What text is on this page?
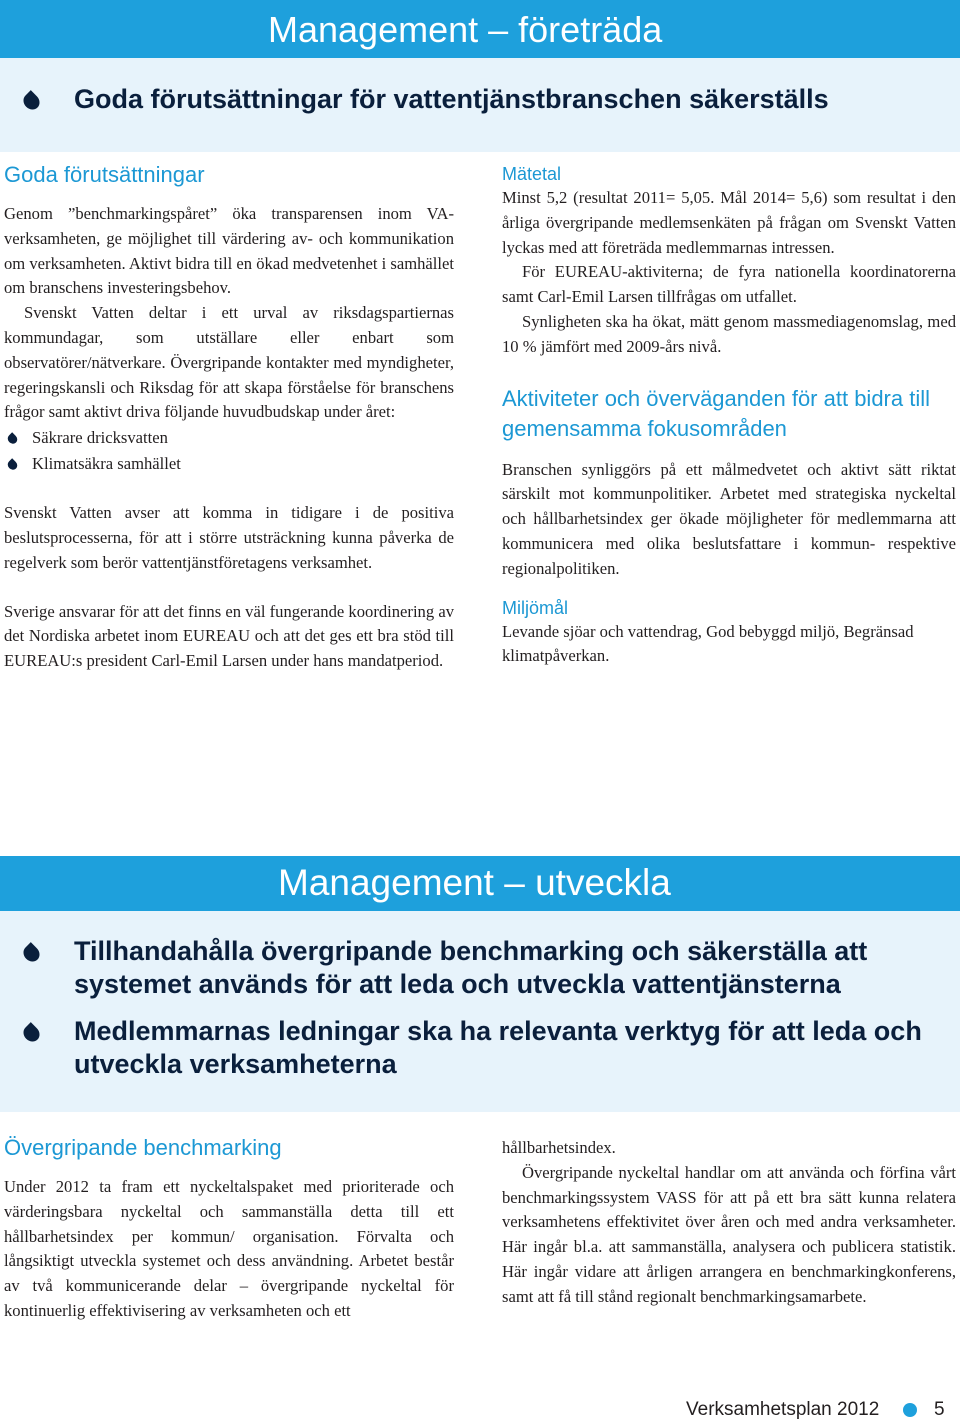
Management – företräda
Goda förutsättningar för vattentjänstbranschen säkerställs
Goda förutsättningar

Genom ”benchmarkingspåret” öka transparensen inom VA-verksamheten, ge möjlighet till värdering av- och kommunikation om verksamheten. Aktivt bidra till en ökad medvetenhet i samhället om branschens investeringsbehov.

Svenskt Vatten deltar i ett urval av riksdagspartiernas kommundagar, som utställare eller enbart som observatörer/nätverkare. Övergripande kontakter med myndigheter, regeringskansli och Riksdag för att skapa förståelse för branschens frågor samt aktivt driva följande huvudbudskap under året:

Säkrare dricksvatten
Klimatsäkra samhället

Svenskt Vatten avser att komma in tidigare i de positiva beslutsprocesserna, för att i större utsträckning kunna påverka de regelverk som berör vattentjänstföretagens verksamhet.

Sverige ansvarar för att det finns en väl fungerande koordinering av det Nordiska arbetet inom EUREAU och att det ges ett bra stöd till EUREAU:s president Carl-Emil Larsen under hans mandatperiod.

Mätetal

Minst 5,2 (resultat 2011= 5,05. Mål 2014= 5,6) som resultat i den årliga övergripande medlemsenkäten på frågan om Svenskt Vatten lyckas med att företräda medlemmarnas intressen.

För EUREAU-aktiviterna; de fyra nationella koordinatorerna samt Carl-Emil Larsen tillfrågas om utfallet.

Synligheten ska ha ökat, mätt genom massmediagenomslag, med 10 % jämfört med 2009-års nivå.

Aktiviteter och överväganden för att bidra till gemensamma fokusområden

Branschen synliggörs på ett målmedvetet och aktivt sätt riktat särskilt mot kommunpolitiker. Arbetet med strategiska nyckeltal och hållbarhetsindex ger ökade möjligheter för medlemmarna att kommunicera med olika beslutsfattare i kommun- respektive regionalpolitiken.

Miljömål

Levande sjöar och vattendrag, God bebyggd miljö, Begränsad klimatpåverkan.

Management – utveckla
Tillhandahålla övergripande benchmarking och säkerställa att systemet används för att leda och utveckla vattentjänsterna
Medlemmarnas ledningar ska ha relevanta verktyg för att leda och utveckla verksamheterna
Övergripande benchmarking

Under 2012 ta fram ett nyckeltalspaket med prioriterade och värderingsbara nyckeltal och sammanställa detta till ett hållbarhetsindex per kommun/ organisation. Förvalta och långsiktigt utveckla systemet och dess användning. Arbetet består av två kommunicerande delar – övergripande nyckeltal för kontinuerlig effektivisering av verksamheten och ett

hållbarhetsindex.

Övergripande nyckeltal handlar om att använda och förfina vårt benchmarkingssystem VASS för att på ett bra sätt kunna relatera verksamhetens effektivitet över åren och med andra verksamheter. Här ingår bl.a. att sammanställa, analysera och publicera statistik. Här ingår vidare att årligen arrangera en benchmarkingkonferens, samt att få till stånd regionalt benchmarkingsamarbete.

Verksamhetsplan 2012	5
